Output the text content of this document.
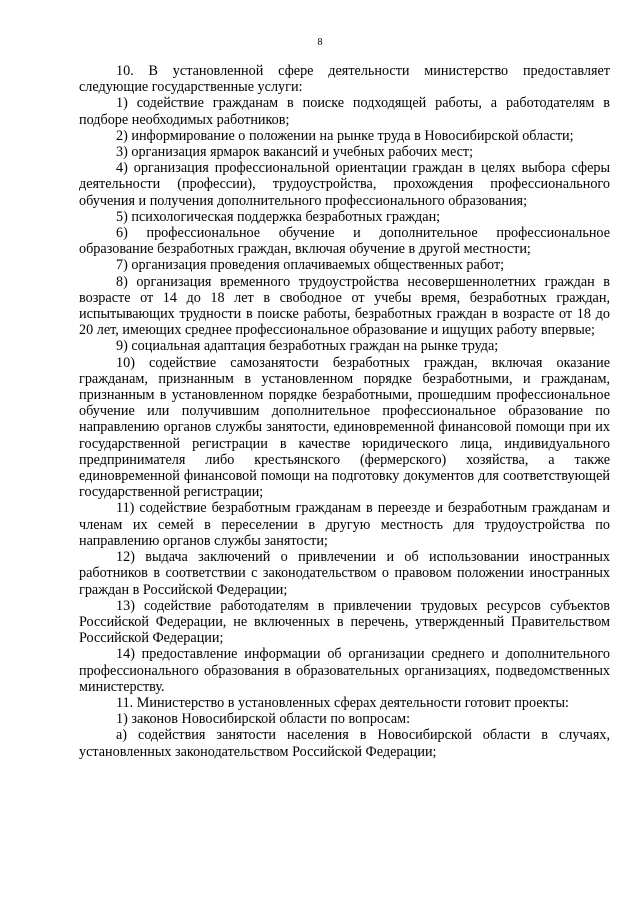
8

10. В установленной сфере деятельности министерство предоставляет следующие государственные услуги:

1) содействие гражданам в поиске подходящей работы, а работодателям в подборе необходимых работников;

2) информирование о положении на рынке труда в Новосибирской области;

3) организация ярмарок вакансий и учебных рабочих мест;

4) организация профессиональной ориентации граждан в целях выбора сферы деятельности (профессии), трудоустройства, прохождения профессионального обучения и получения дополнительного профессионального образования;

5) психологическая поддержка безработных граждан;

6) профессиональное обучение и дополнительное профессиональное образование безработных граждан, включая обучение в другой местности;

7) организация проведения оплачиваемых общественных работ;

8) организация временного трудоустройства несовершеннолетних граждан в возрасте от 14 до 18 лет в свободное от учебы время, безработных граждан, испытывающих трудности в поиске работы, безработных граждан в возрасте от 18 до 20 лет, имеющих среднее профессиональное образование и ищущих работу впервые;

9) социальная адаптация безработных граждан на рынке труда;

10) содействие самозанятости безработных граждан, включая оказание гражданам, признанным в установленном порядке безработными, и гражданам, признанным в установленном порядке безработными, прошедшим профессиональное обучение или получившим дополнительное профессиональное образование по направлению органов службы занятости, единовременной финансовой помощи при их государственной регистрации в качестве юридического лица, индивидуального предпринимателя либо крестьянского (фермерского) хозяйства, а также единовременной финансовой помощи на подготовку документов для соответствующей государственной регистрации;

11) содействие безработным гражданам в переезде и безработным гражданам и членам их семей в переселении в другую местность для трудоустройства по направлению органов службы занятости;

12) выдача заключений о привлечении и об использовании иностранных работников в соответствии с законодательством о правовом положении иностранных граждан в Российской Федерации;

13) содействие работодателям в привлечении трудовых ресурсов субъектов Российской Федерации, не включенных в перечень, утвержденный Правительством Российской Федерации;

14) предоставление информации об организации среднего и дополнительного профессионального образования в образовательных организациях, подведомственных министерству.

11. Министерство в установленных сферах деятельности готовит проекты:

1) законов Новосибирской области по вопросам:

а) содействия занятости населения в Новосибирской области в случаях, установленных законодательством Российской Федерации;
